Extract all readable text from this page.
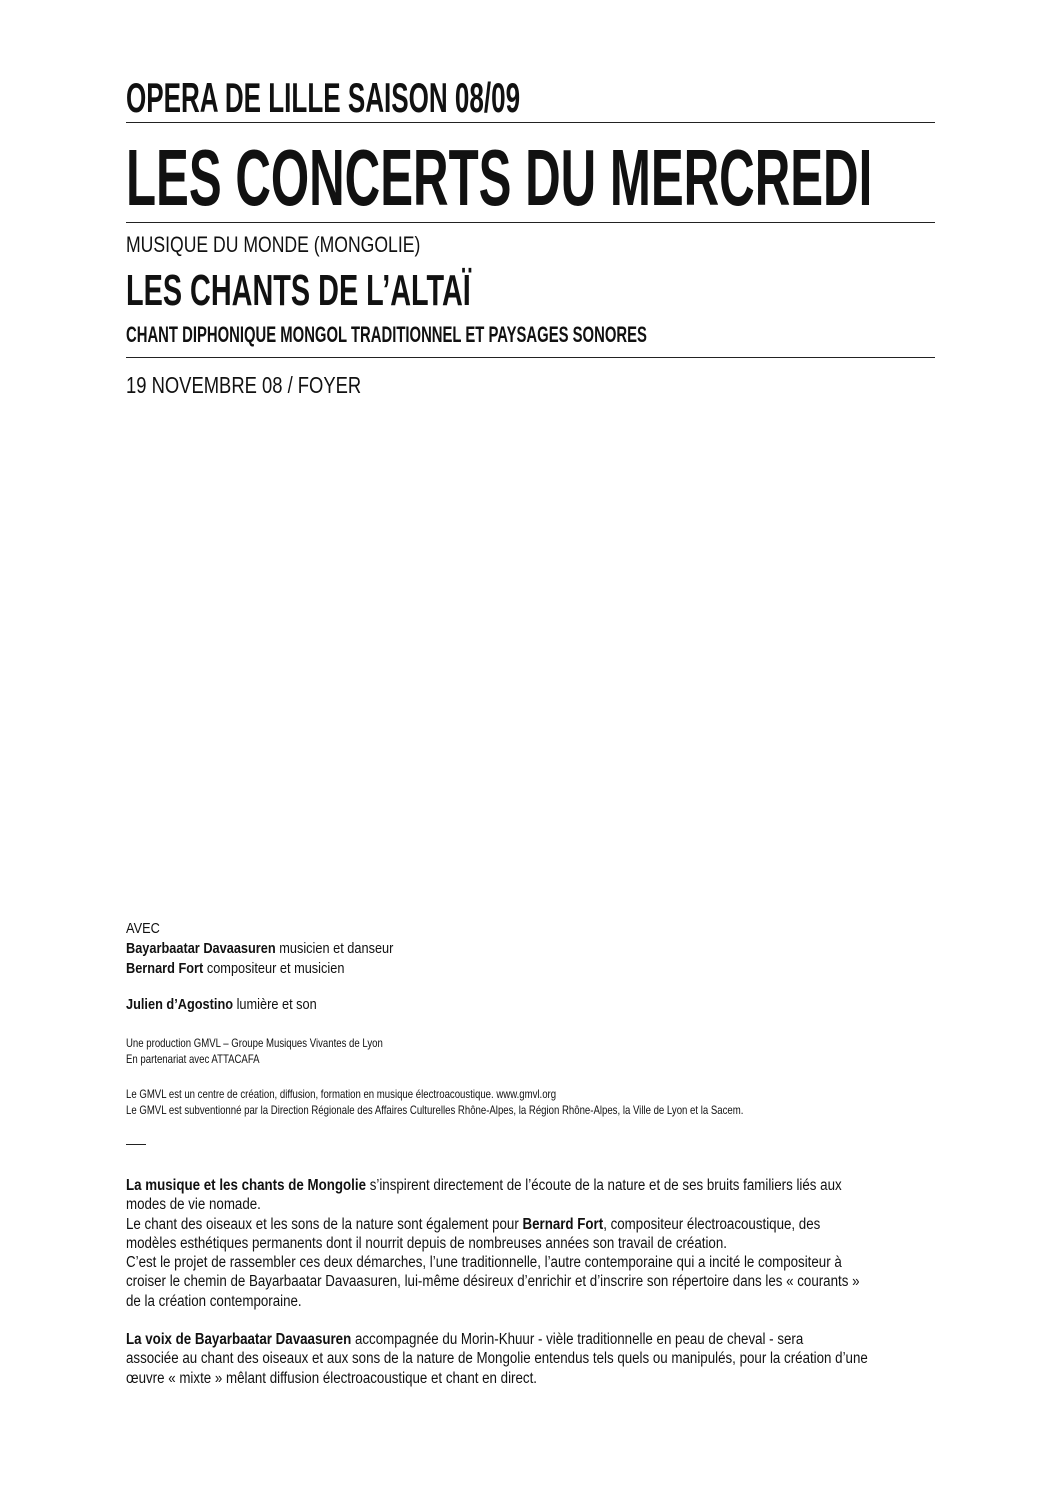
OPERA DE LILLE SAISON 08/09
LES CONCERTS DU MERCREDI
MUSIQUE DU MONDE (MONGOLIE)
LES CHANTS DE L’ALTAÏ
CHANT DIPHONIQUE MONGOL TRADITIONNEL ET PAYSAGES SONORES
19 NOVEMBRE 08 / FOYER
AVEC
Bayarbaatar Davaasuren musicien et danseur
Bernard Fort compositeur et musicien
Julien d’Agostino lumière et son
Une production GMVL – Groupe Musiques Vivantes de Lyon
En partenariat avec ATTACAFA
Le GMVL est un centre de création, diffusion, formation en musique électroacoustique. www.gmvl.org
Le GMVL est subventionné par la Direction Régionale des Affaires Culturelles Rhône-Alpes, la Région Rhône-Alpes, la Ville de Lyon et la Sacem.
La musique et les chants de Mongolie s’inspirent directement de l’écoute de la nature et de ses bruits familiers liés aux
modes de vie nomade.
Le chant des oiseaux et les sons de la nature sont également pour Bernard Fort, compositeur électroacoustique, des
modèles esthétiques permanents dont il nourrit depuis de nombreuses années son travail de création.
C’est le projet de rassembler ces deux démarches, l’une traditionnelle, l’autre contemporaine qui a incité le compositeur à
croiser le chemin de Bayarbaatar Davaasuren, lui-même désireux d’enrichir et d’inscrire son répertoire dans les « courants »
de la création contemporaine.
La voix de Bayarbaatar Davaasuren accompagnée du Morin-Khuur - vièle traditionnelle en peau de cheval - sera
associée au chant des oiseaux et aux sons de la nature de Mongolie entendus tels quels ou manipulés, pour la création d’une
œuvre « mixte » mêlant diffusion électroacoustique et chant en direct.
